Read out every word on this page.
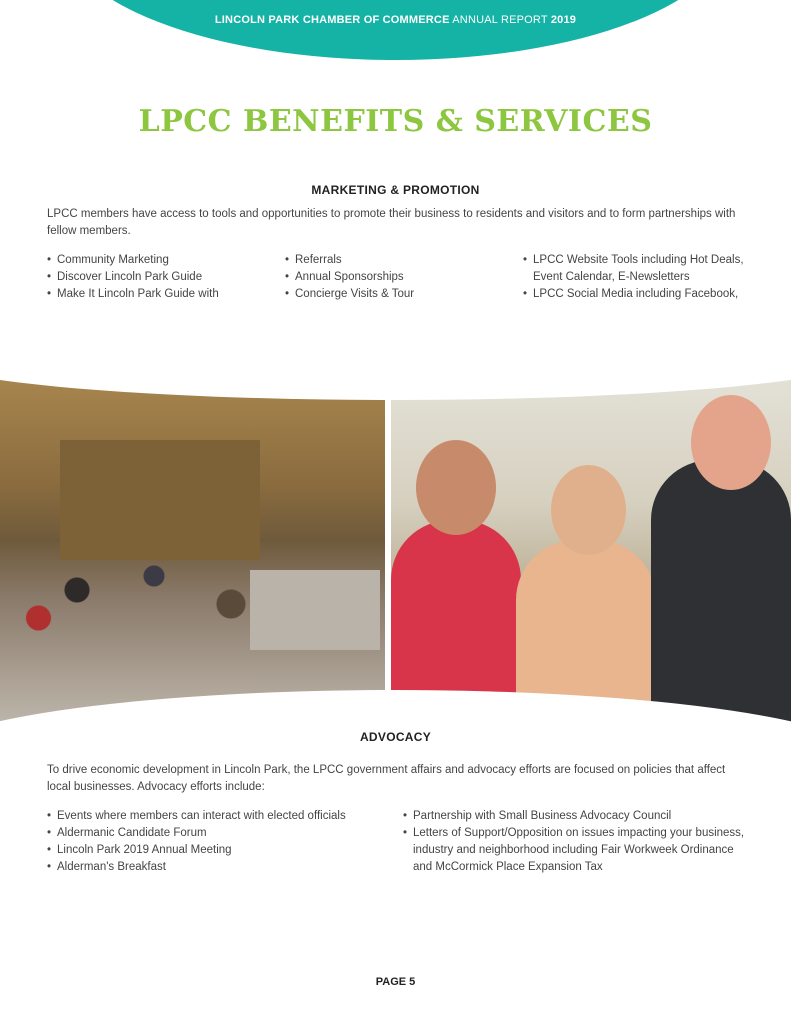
LINCOLN PARK CHAMBER OF COMMERCE ANNUAL REPORT 2019
LPCC BENEFITS & SERVICES
MARKETING & PROMOTION
LPCC members have access to tools and opportunities to promote their business to residents and visitors and to form partnerships with fellow members.
• Community Marketing
• Discover Lincoln Park Guide
• Make It Lincoln Park Guide with

•
• Referrals
• Annual Sponsorships
• Concierge Visits & Tour
•
• LPCC Website Tools including Hot Deals, Event Calendar, E-Newsletters
• LPCC Social Media including Facebook,
ADVOCACY
To drive economic development in Lincoln Park, the LPCC government affairs and advocacy efforts are focused on policies that affect local businesses. Advocacy efforts include:
• Events where members can interact with elected officials
• Aldermanic Candidate Forum
• Lincoln Park 2019 Annual Meeting
• Alderman's Breakfast
• Partnership with Small Business Advocacy Council
• Letters of Support/Opposition on issues impacting your business, industry and neighborhood including Fair Workweek Ordinance and McCormick Place Expansion Tax
PAGE 5
